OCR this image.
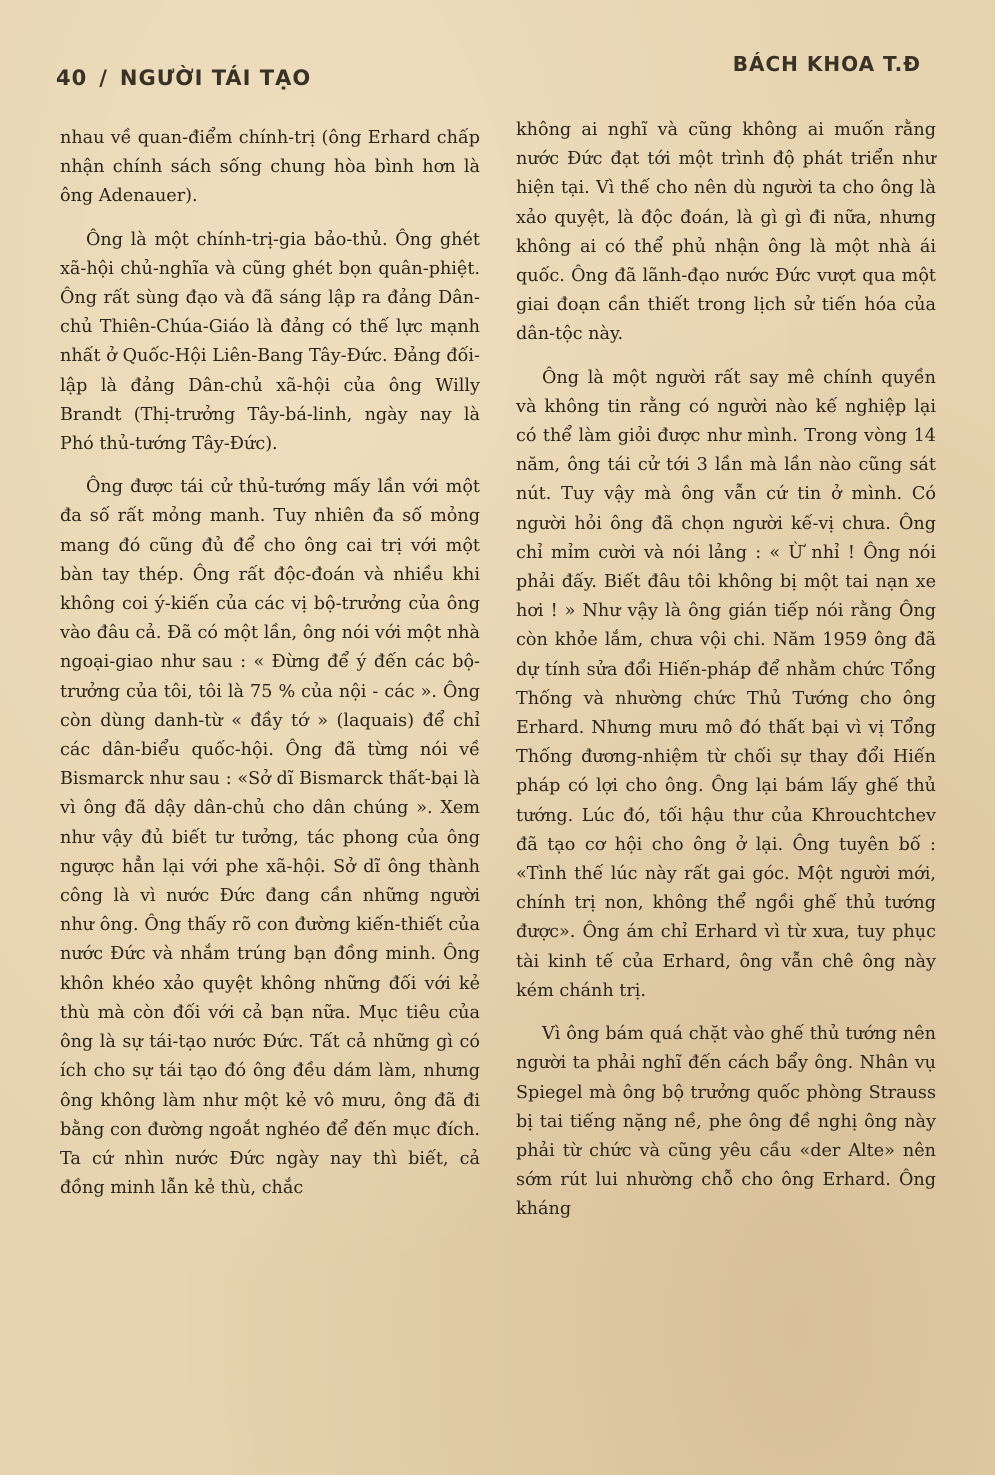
40 / NGƯỜI TÁI TẠO
BÁCH KHOA T.Đ

nhau về quan-điểm chính-trị (ông Erhard chấp nhận chính sách sống chung hòa bình hơn là ông Adenauer).

Ông là một chính-trị-gia bảo-thủ. Ông ghét xã-hội chủ-nghĩa và cũng ghét bọn quân-phiệt. Ông rất sùng đạo và đã sáng lập ra đảng Dân-chủ Thiên-Chúa-Giáo là đảng có thế lực mạnh nhất ở Quốc-Hội Liên-Bang Tây-Đức. Đảng đối-lập là đảng Dân-chủ xã-hội của ông Willy Brandt (Thị-trưởng Tây-bá-linh, ngày nay là Phó thủ-tướng Tây-Đức).

Ông được tái cử thủ-tướng mấy lần với một đa số rất mỏng manh. Tuy nhiên đa số mỏng mang đó cũng đủ để cho ông cai trị với một bàn tay thép. Ông rất độc-đoán và nhiều khi không coi ý-kiến của các vị bộ-trưởng của ông vào đâu cả. Đã có một lần, ông nói với một nhà ngoại-giao như sau : « Đừng để ý đến các bộ-trưởng của tôi, tôi là 75 % của nội - các ». Ông còn dùng danh-từ « đầy tớ » (laquais) để chỉ các dân-biểu quốc-hội. Ông đã từng nói về Bismarck như sau : «Sở dĩ Bismarck thất-bại là vì ông đã dậy dân-chủ cho dân chúng ». Xem như vậy đủ biết tư tưởng, tác phong của ông ngược hẳn lại với phe xã-hội. Sở dĩ ông thành công là vì nước Đức đang cần những người như ông. Ông thấy rõ con đường kiến-thiết của nước Đức và nhắm trúng bạn đồng minh. Ông khôn khéo xảo quyệt không những đối với kẻ thù mà còn đối với cả bạn nữa. Mục tiêu của ông là sự tái-tạo nước Đức. Tất cả những gì có ích cho sự tái tạo đó ông đều dám làm, nhưng ông không làm như một kẻ vô mưu, ông đã đi bằng con đường ngoắt nghéo để đến mục đích. Ta cứ nhìn nước Đức ngày nay thì biết, cả đồng minh lẫn kẻ thù, chắc

không ai nghĩ và cũng không ai muốn rằng nước Đức đạt tới một trình độ phát triển như hiện tại. Vì thế cho nên dù người ta cho ông là xảo quyệt, là độc đoán, là gì gì đi nữa, nhưng không ai có thể phủ nhận ông là một nhà ái quốc. Ông đã lãnh-đạo nước Đức vượt qua một giai đoạn cần thiết trong lịch sử tiến hóa của dân-tộc này.

Ông là một người rất say mê chính quyền và không tin rằng có người nào kế nghiệp lại có thể làm giỏi được như mình. Trong vòng 14 năm, ông tái cử tới 3 lần mà lần nào cũng sát nút. Tuy vậy mà ông vẫn cứ tin ở mình. Có người hỏi ông đã chọn người kế-vị chưa. Ông chỉ mỉm cười và nói lảng : « Ừ nhỉ ! Ông nói phải đấy. Biết đâu tôi không bị một tai nạn xe hơi ! » Như vậy là ông gián tiếp nói rằng Ông còn khỏe lắm, chưa vội chi. Năm 1959 ông đã dự tính sửa đổi Hiến-pháp để nhằm chức Tổng Thống và nhường chức Thủ Tướng cho ông Erhard. Nhưng mưu mô đó thất bại vì vị Tổng Thống đương-nhiệm từ chối sự thay đổi Hiến pháp có lợi cho ông. Ông lại bám lấy ghế thủ tướng. Lúc đó, tối hậu thư của Khrouchtchev đã tạo cơ hội cho ông ở lại. Ông tuyên bố : «Tình thế lúc này rất gai góc. Một người mới, chính trị non, không thể ngồi ghế thủ tướng được». Ông ám chỉ Erhard vì từ xưa, tuy phục tài kinh tế của Erhard, ông vẫn chê ông này kém chánh trị.

Vì ông bám quá chặt vào ghế thủ tướng nên người ta phải nghĩ đến cách bẩy ông. Nhân vụ Spiegel mà ông bộ trưởng quốc phòng Strauss bị tai tiếng nặng nề, phe ông đề nghị ông này phải từ chức và cũng yêu cầu «der Alte» nên sớm rút lui nhường chỗ cho ông Erhard. Ông kháng
